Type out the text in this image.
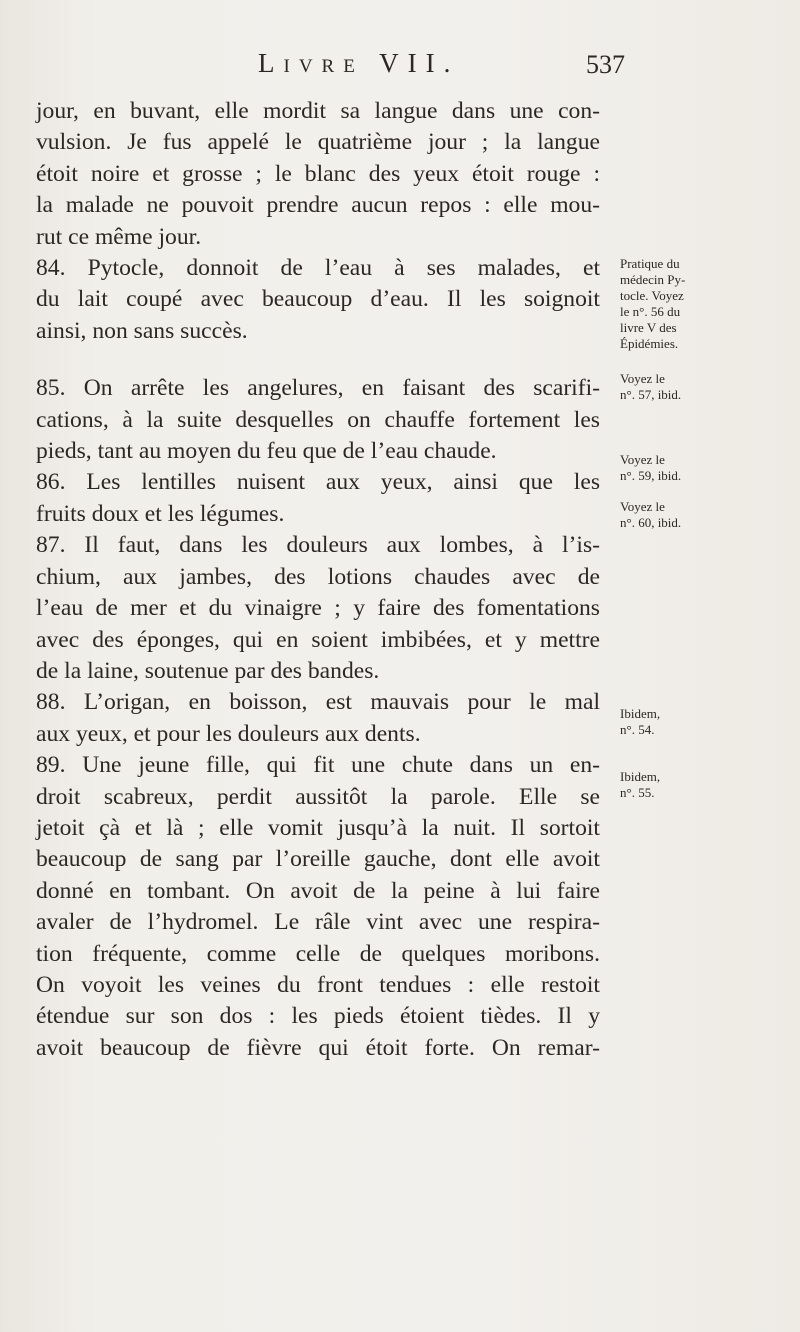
Livre VII.	537
jour, en buvant, elle mordit sa langue dans une con-
vulsion. Je fus appelé le quatrième jour ; la langue
étoit noire et grosse ; le blanc des yeux étoit rouge :
la malade ne pouvoit prendre aucun repos : elle mou-
rut ce même jour.
84. Pytocle, donnoit de l’eau à ses malades, et
du lait coupé avec beaucoup d’eau. Il les soignoit
ainsi, non sans succès.
85. On arrête les angelures, en faisant des scarifi-
cations, à la suite desquelles on chauffe fortement les
pieds, tant au moyen du feu que de l’eau chaude.
86. Les lentilles nuisent aux yeux, ainsi que les
fruits doux et les légumes.
87. Il faut, dans les douleurs aux lombes, à l’is-
chium, aux jambes, des lotions chaudes avec de
l’eau de mer et du vinaigre ; y faire des fomentations
avec des éponges, qui en soient imbibées, et y mettre
de la laine, soutenue par des bandes.
88. L’origan, en boisson, est mauvais pour le mal
aux yeux, et pour les douleurs aux dents.
89. Une jeune fille, qui fit une chute dans un en-
droit scabreux, perdit aussitôt la parole. Elle se
jetoit çà et là ; elle vomit jusqu’à la nuit. Il sortoit
beaucoup de sang par l’oreille gauche, dont elle avoit
donné en tombant. On avoit de la peine à lui faire
avaler de l’hydromel. Le râle vint avec une respira-
tion fréquente, comme celle de quelques moribons.
On voyoit les veines du front tendues : elle restoit
étendue sur son dos : les pieds étoient tièdes. Il y
avoit beaucoup de fièvre qui étoit forte. On remar-
Pratique du
médecin Py-
tocle. Voyez
le n°. 56 du
livre V des
Épidémies.
Voyez le
n°. 57, ibid.
Voyez le
n°. 59, ibid.
Voyez le
n°. 60, ibid.
Ibidem,
n°. 54.
Ibidem,
n°. 55.
